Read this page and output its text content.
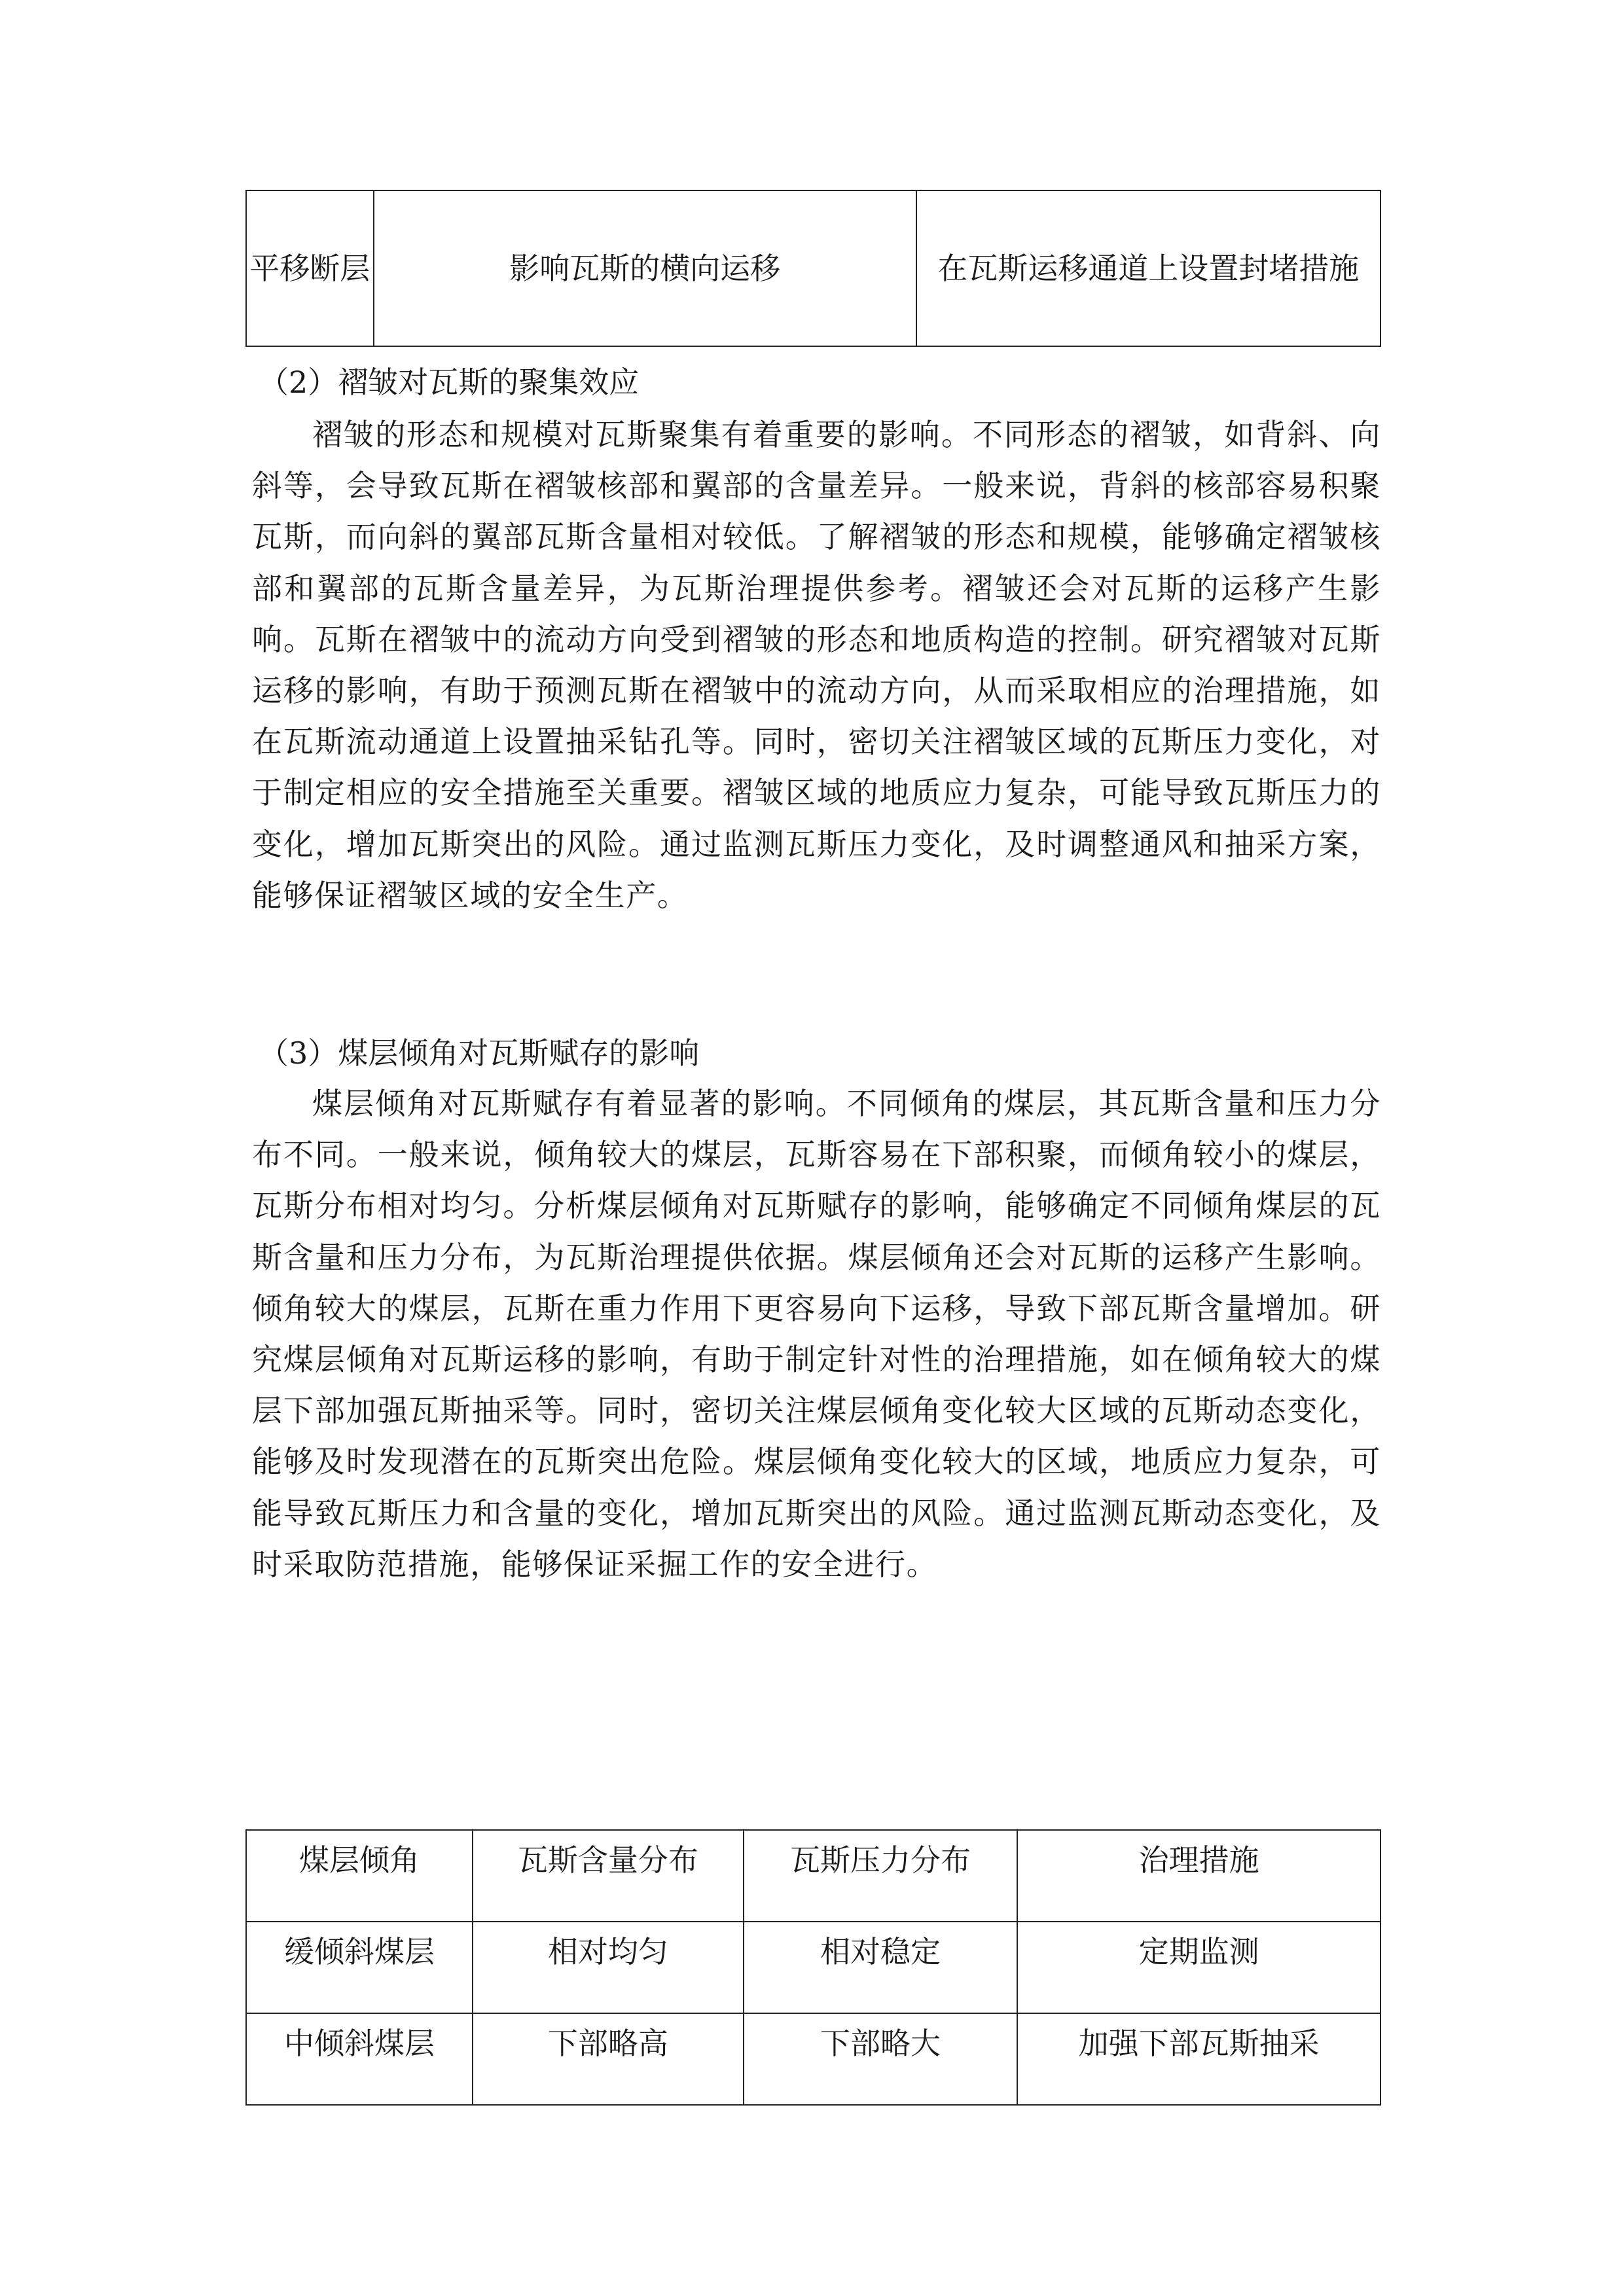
平移断层	影响瓦斯的横向运移	在瓦斯运移通道上设置封堵措施
（2）褶皱对瓦斯的聚集效应

褶皱的形态和规模对瓦斯聚集有着重要的影响。不同形态的褶皱，如背斜、向斜等，会导致瓦斯在褶皱核部和翼部的含量差异。一般来说，背斜的核部容易积聚瓦斯，而向斜的翼部瓦斯含量相对较低。了解褶皱的形态和规模，能够确定褶皱核部和翼部的瓦斯含量差异，为瓦斯治理提供参考。褶皱还会对瓦斯的运移产生影响。瓦斯在褶皱中的流动方向受到褶皱的形态和地质构造的控制。研究褶皱对瓦斯运移的影响，有助于预测瓦斯在褶皱中的流动方向，从而采取相应的治理措施，如在瓦斯流动通道上设置抽采钻孔等。同时，密切关注褶皱区域的瓦斯压力变化，对于制定相应的安全措施至关重要。褶皱区域的地质应力复杂，可能导致瓦斯压力的变化，增加瓦斯突出的风险。通过监测瓦斯压力变化，及时调整通风和抽采方案，能够保证褶皱区域的安全生产。

（3）煤层倾角对瓦斯赋存的影响

煤层倾角对瓦斯赋存有着显著的影响。不同倾角的煤层，其瓦斯含量和压力分布不同。一般来说，倾角较大的煤层，瓦斯容易在下部积聚，而倾角较小的煤层，瓦斯分布相对均匀。分析煤层倾角对瓦斯赋存的影响，能够确定不同倾角煤层的瓦斯含量和压力分布，为瓦斯治理提供依据。煤层倾角还会对瓦斯的运移产生影响。倾角较大的煤层，瓦斯在重力作用下更容易向下运移，导致下部瓦斯含量增加。研究煤层倾角对瓦斯运移的影响，有助于制定针对性的治理措施，如在倾角较大的煤层下部加强瓦斯抽采等。同时，密切关注煤层倾角变化较大区域的瓦斯动态变化，能够及时发现潜在的瓦斯突出危险。煤层倾角变化较大的区域，地质应力复杂，可能导致瓦斯压力和含量的变化，增加瓦斯突出的风险。通过监测瓦斯动态变化，及时采取防范措施，能够保证采掘工作的安全进行。

煤层倾角	瓦斯含量分布	瓦斯压力分布	治理措施
缓倾斜煤层	相对均匀	相对稳定	定期监测
中倾斜煤层	下部略高	下部略大	加强下部瓦斯抽采
